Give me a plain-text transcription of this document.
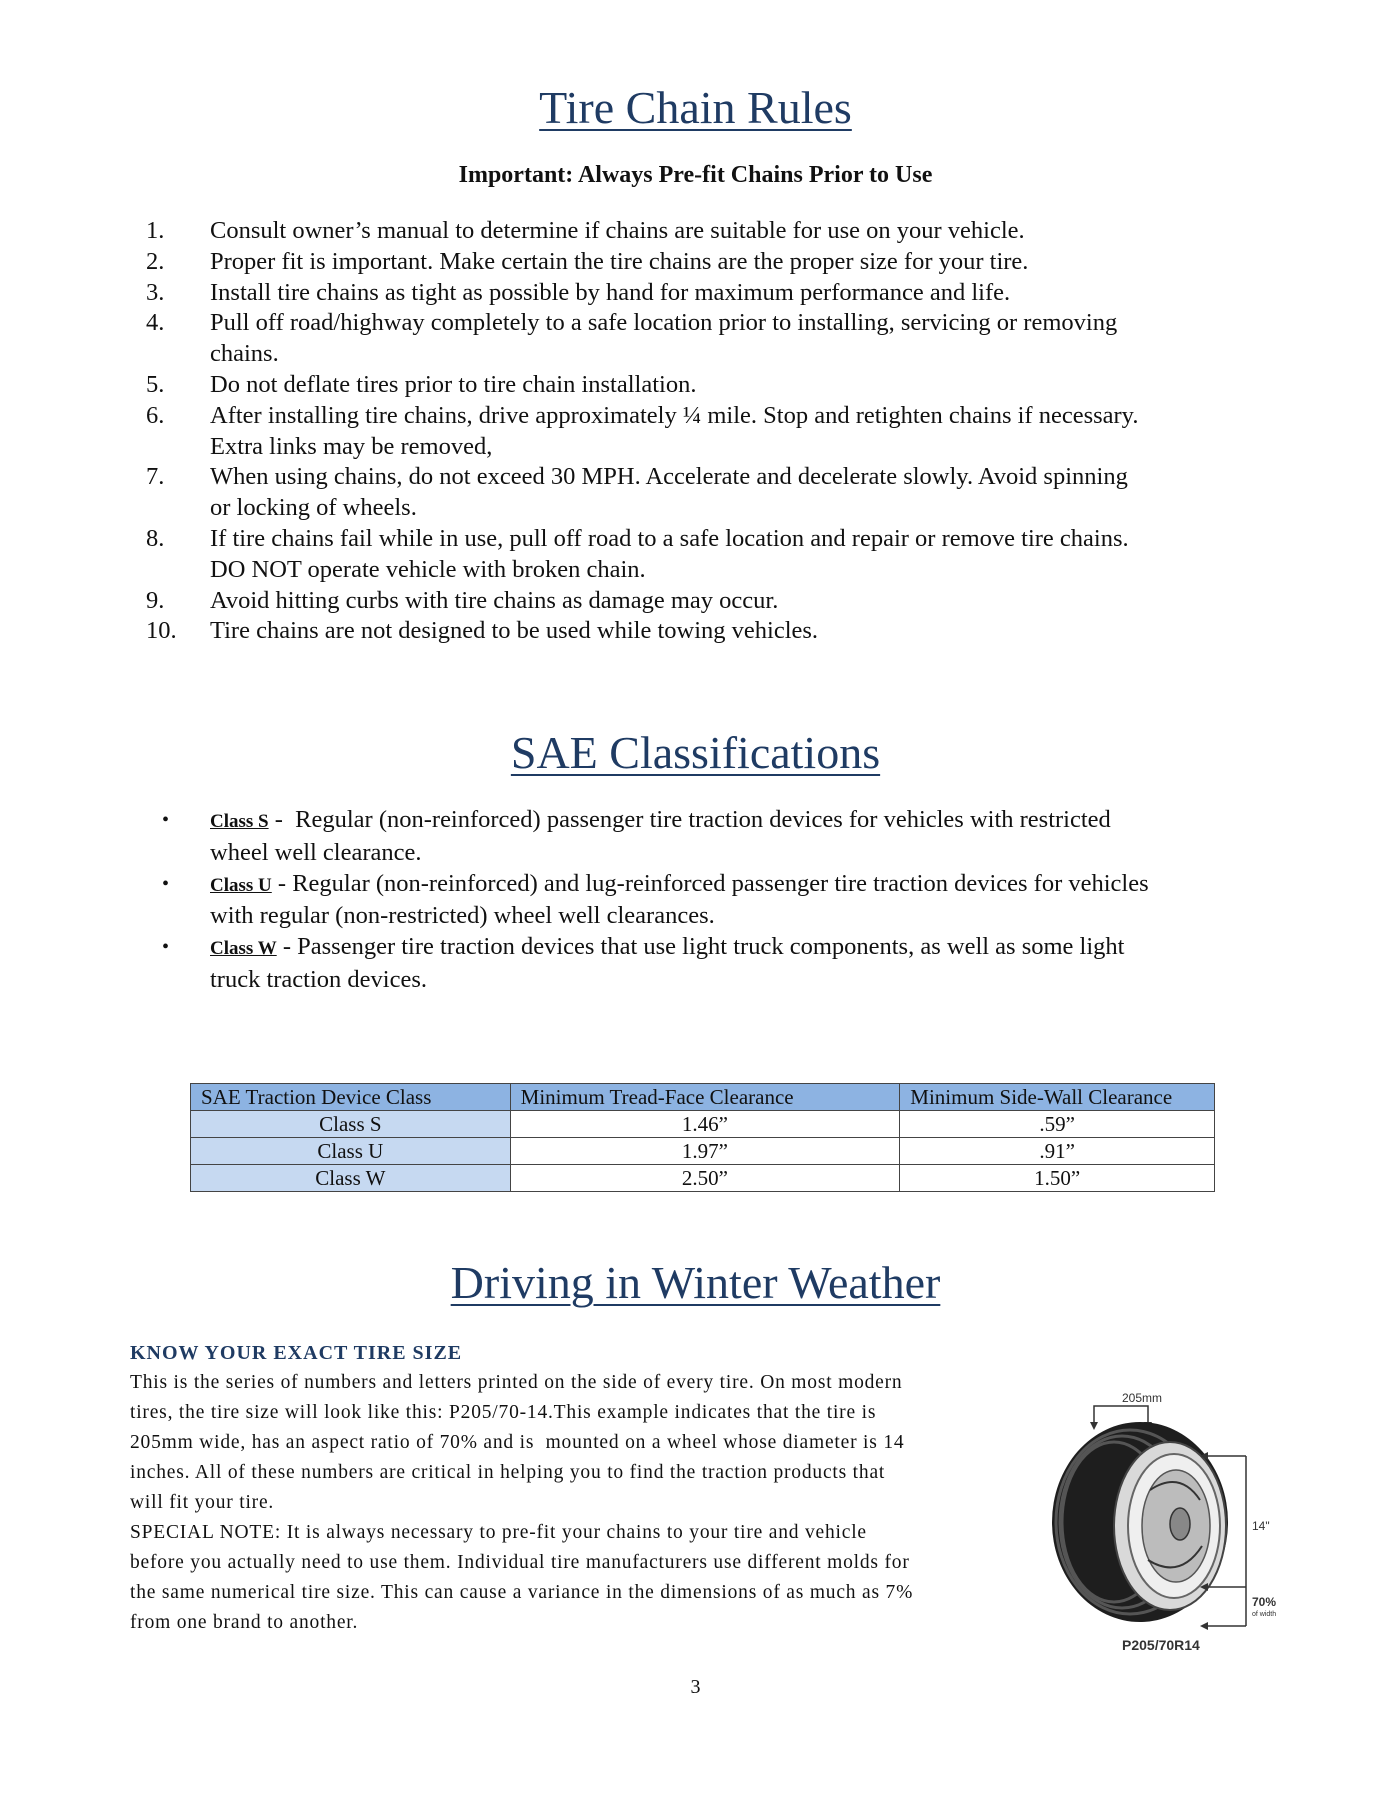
Tire Chain Rules
Important: Always Pre-fit Chains Prior to Use
1.	Consult owner’s manual to determine if chains are suitable for use on your vehicle.
2.	Proper fit is important. Make certain the tire chains are the proper size for your tire.
3.	Install tire chains as tight as possible by hand for maximum performance and life.
4.	Pull off road/highway completely to a safe location prior to installing, servicing or removing
chains.
5.	Do not deflate tires prior to tire chain installation.
6.	After installing tire chains, drive approximately ¼ mile. Stop and retighten chains if necessary.
Extra links may be removed,
7.	When using chains, do not exceed 30 MPH. Accelerate and decelerate slowly. Avoid spinning
or locking of wheels.
8.	If tire chains fail while in use, pull off road to a safe location and repair or remove tire chains.
DO NOT operate vehicle with broken chain.
9.	Avoid hitting curbs with tire chains as damage may occur.
10. Tire chains are not designed to be used while towing vehicles.
SAE Classifications
• Class S -  Regular (non-reinforced) passenger tire traction devices for vehicles with restricted
wheel well clearance.
• Class U - Regular (non-reinforced) and lug-reinforced passenger tire traction devices for vehicles
with regular (non-restricted) wheel well clearances.
• Class W - Passenger tire traction devices that use light truck components, as well as some light
truck traction devices.
SAE Traction Device Class	Minimum Tread-Face Clearance	Minimum Side-Wall Clearance
Class S	1.46”	.59”
Class U	1.97”	.91”
Class W	2.50”	1.50”
Driving in Winter Weather
KNOW YOUR EXACT TIRE SIZE
This is the series of numbers and letters printed on the side of every tire. On most modern
tires, the tire size will look like this: P205/70-14.This example indicates that the tire is
205mm wide, has an aspect ratio of 70% and is  mounted on a wheel whose diameter is 14
inches. All of these numbers are critical in helping you to find the traction products that
will fit your tire.
SPECIAL NOTE: It is always necessary to pre-fit your chains to your tire and vehicle
before you actually need to use them. Individual tire manufacturers use different molds for
the same numerical tire size. This can cause a variance in the dimensions of as much as 7%
from one brand to another.
205mm
14"
70%
of width
P205/70R14
3
